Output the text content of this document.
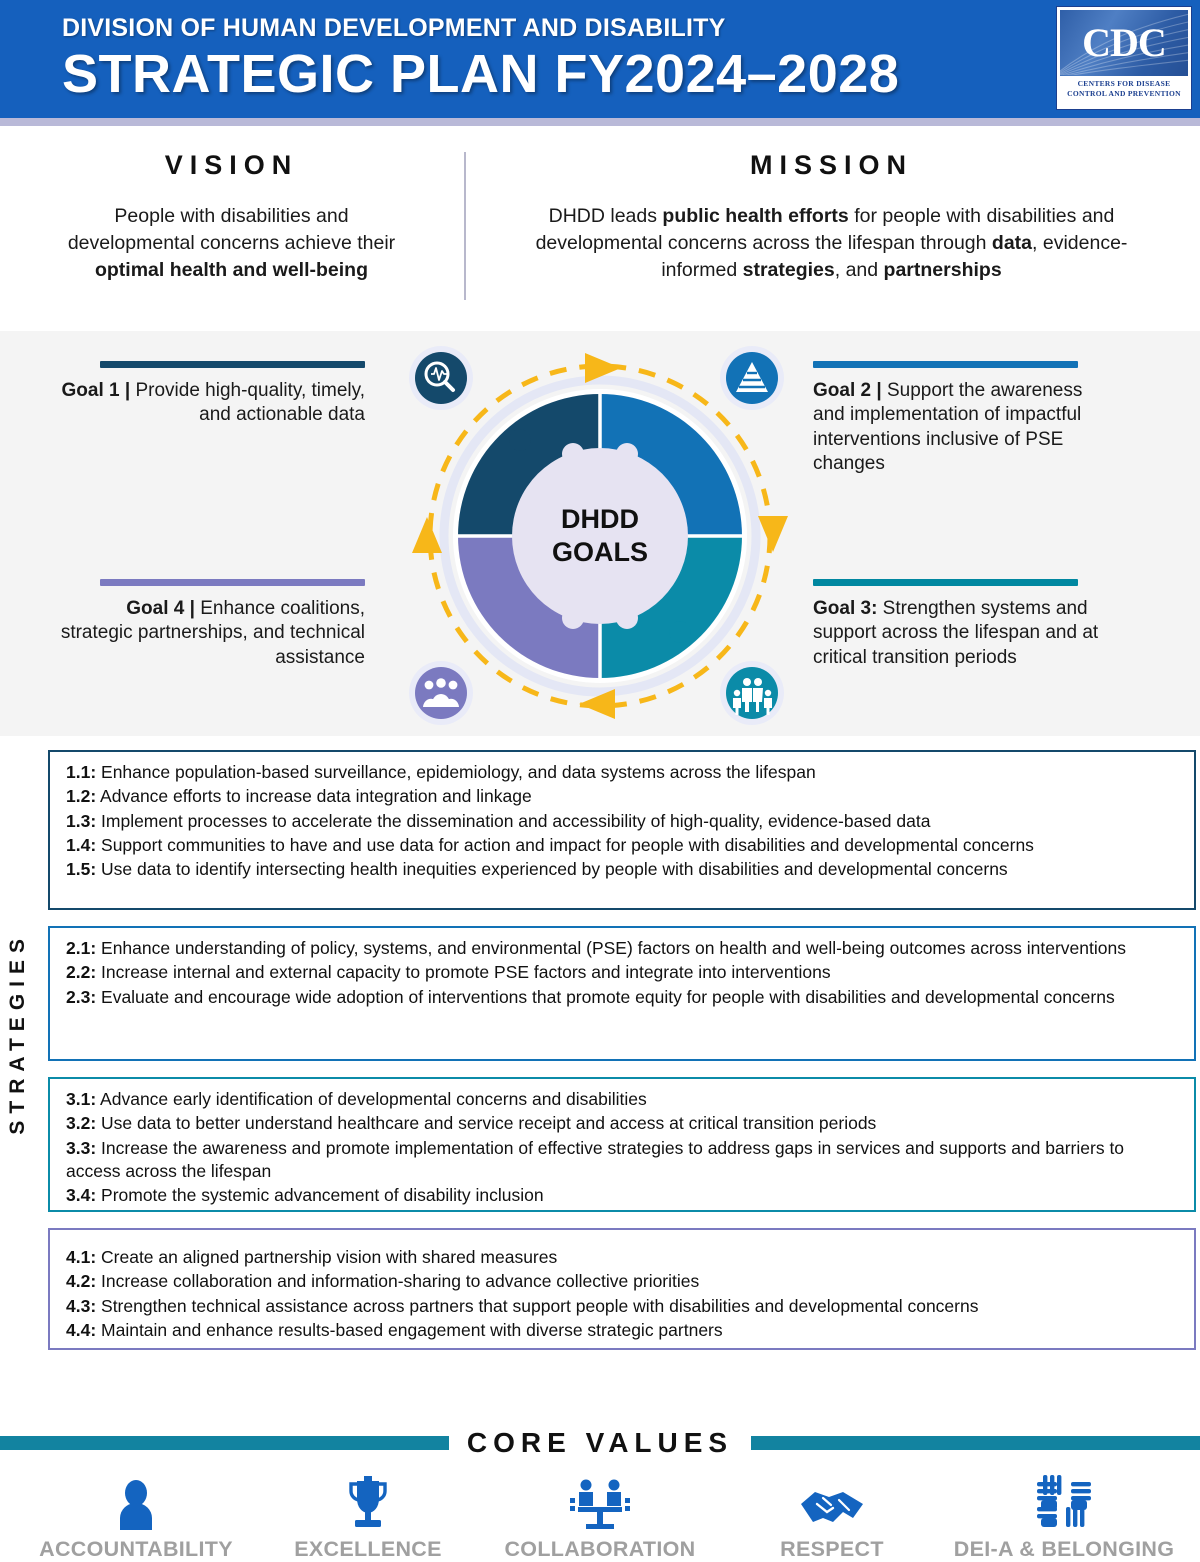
DIVISION OF HUMAN DEVELOPMENT AND DISABILITY
STRATEGIC PLAN FY2024–2028
CDC
CENTERS FOR DISEASE
CONTROL AND PREVENTION
VISION
People with disabilities and
developmental concerns achieve their
optimal health and well-being
MISSION
DHDD leads public health efforts for people with disabilities and developmental concerns across the lifespan through data, evidence-informed strategies, and partnerships
Goal 1 | Provide high-quality, timely, and actionable data
Goal 4 | Enhance coalitions, strategic partnerships, and technical assistance
Goal 2 | Support the awareness and implementation of impactful interventions inclusive of PSE changes
Goal 3: Strengthen systems and support across the lifespan and at critical transition periods
DHDD
GOALS
STRATEGIES

1.1: Enhance population-based surveillance, epidemiology, and data systems across the lifespan

1.2: Advance efforts to increase data integration and linkage

1.3: Implement processes to accelerate the dissemination and accessibility of high-quality, evidence-based data

1.4: Support communities to have and use data for action and impact for people with disabilities and developmental concerns

1.5: Use data to identify intersecting health inequities experienced by people with disabilities and developmental concerns

2.1: Enhance understanding of policy, systems, and environmental (PSE) factors on health and well-being outcomes across interventions

2.2: Increase internal and external capacity to promote PSE factors and integrate into interventions

2.3: Evaluate and encourage wide adoption of interventions that promote equity for people with disabilities and developmental concerns

3.1: Advance early identification of developmental concerns and disabilities

3.2: Use data to better understand healthcare and service receipt and access at critical transition periods

3.3: Increase the awareness and promote implementation of effective strategies to address gaps in services and supports and barriers to access across the lifespan

3.4: Promote the systemic advancement of disability inclusion

4.1: Create an aligned partnership vision with shared measures

4.2: Increase collaboration and information-sharing to advance collective priorities

4.3: Strengthen technical assistance across partners that support people with disabilities and developmental concerns

4.4: Maintain and enhance results-based engagement with diverse strategic partners

CORE VALUES
ACCOUNTABILITY	EXCELLENCE	COLLABORATION	RESPECT	DEI-A & BELONGING
